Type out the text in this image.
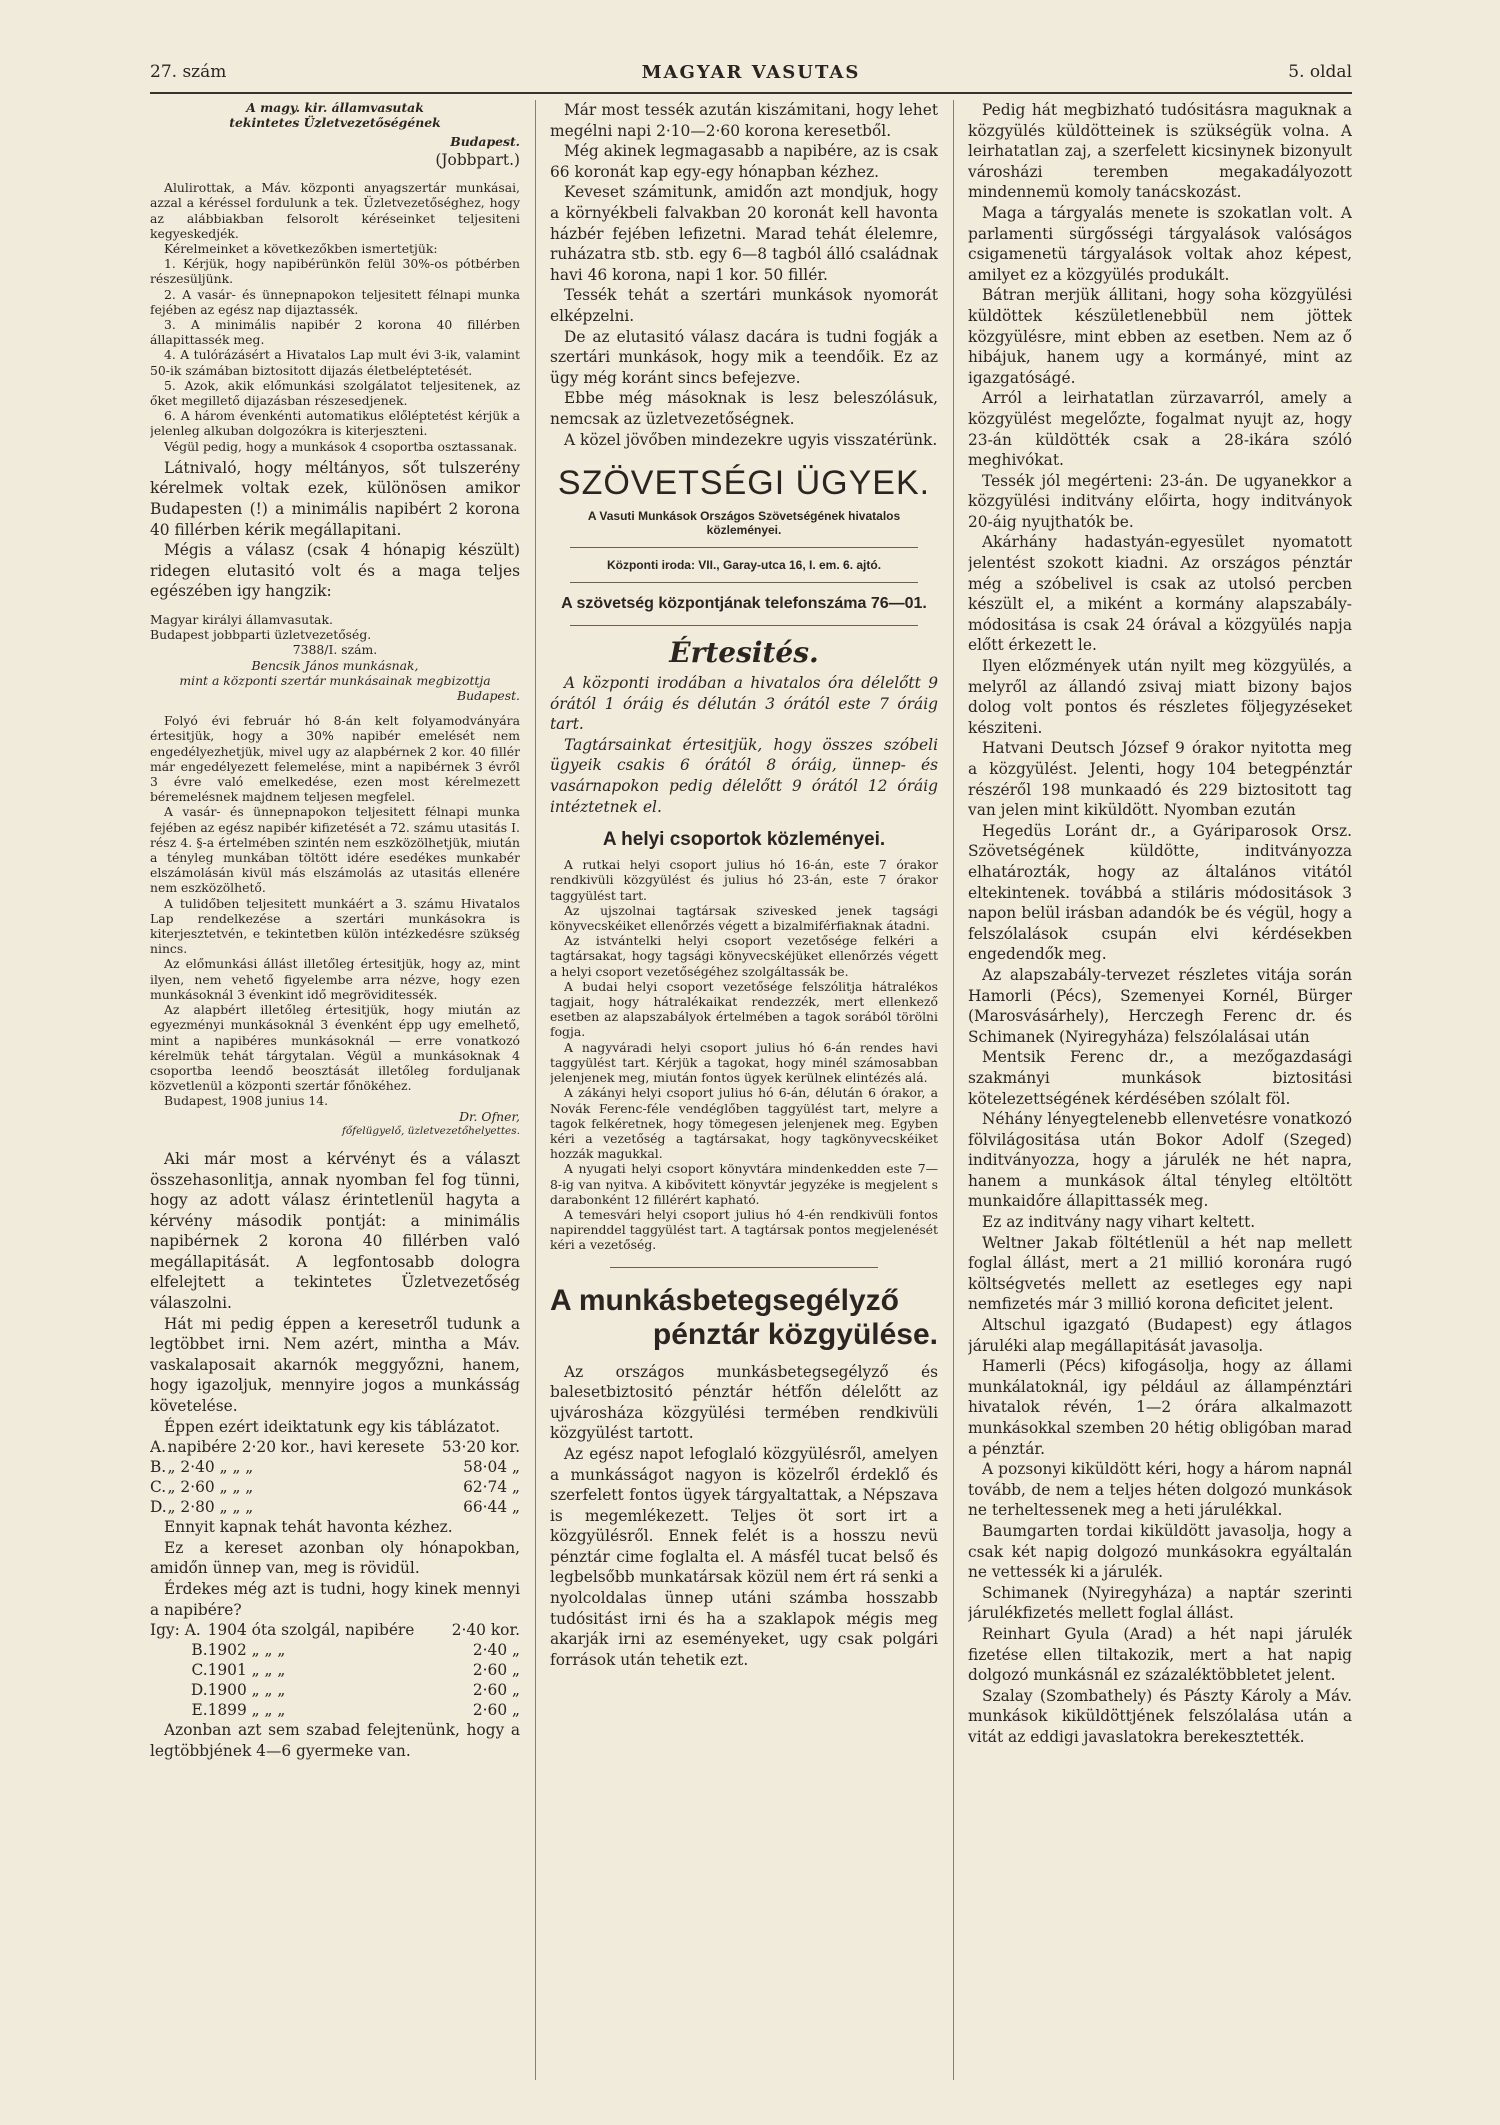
27. szám	MAGYAR VASUTAS	5. oldal

A magy. kir. államvasutak

tekintetes Üzletvezetőségének

Budapest.

(Jobbpart.)

Alulirottak, a Máv. központi anyagszertár munkásai, azzal a kéréssel fordulunk a tek. Üzletvezetőséghez, hogy az alábbiakban felsorolt kéréseinket teljesiteni kegyeskedjék.

Kérelmeinket a következőkben ismertetjük:

1. Kérjük, hogy napibérünkön felül 30%-os pótbérben részesüljünk.

2. A vasár- és ünnepnapokon teljesitett félnapi munka fejében az egész nap dijaztassék.

3. A minimális napibér 2 korona 40 fillérben állapittassék meg.

4. A tulórázásért a Hivatalos Lap mult évi 3-ik, valamint 50-ik számában biztositott dijazás életbeléptetését.

5. Azok, akik előmunkási szolgálatot teljesitenek, az őket megillető dijazásban részesedjenek.

6. A három évenkénti automatikus előléptetést kérjük a jelenleg alkuban dolgozókra is kiterjeszteni.

Végül pedig, hogy a munkások 4 csoportba osztassanak.

Látnivaló, hogy méltányos, sőt tulszerény kérelmek voltak ezek, különösen amikor Budapesten (!) a minimális napibért 2 korona 40 fillérben kérik megállapitani.

Mégis a válasz (csak 4 hónapig készült) ridegen elutasitó volt és a maga teljes egészében igy hangzik:

Magyar királyi államvasutak.

Budapest jobbparti üzletvezetőség.

7388/I. szám.

Bencsik János munkásnak,

mint a központi szertár munkásainak megbizottja

Budapest.

Folyó évi február hó 8-án kelt folyamodványára értesitjük, hogy a 30% napibér emelését nem engedélyezhetjük, mivel ugy az alapbérnek 2 kor. 40 fillér már engedélyezett felemelése, mint a napibérnek 3 évről 3 évre való emelkedése, ezen most kérelmezett béremelésnek majdnem teljesen megfelel.

A vasár- és ünnepnapokon teljesitett félnapi munka fejében az egész napibér kifizetését a 72. számu utasitás I. rész 4. §-a értelmében szintén nem eszközölhetjük, miután a tényleg munkában töltött idére esedékes munkabér elszámolásán kivül más elszámolás az utasitás ellenére nem eszközölhető.

A tulidőben teljesitett munkáért a 3. számu Hivatalos Lap rendelkezése a szertári munkásokra is kiterjesztetvén, e tekintetben külön intézkedésre szükség nincs.

Az előmunkási állást illetőleg értesitjük, hogy az, mint ilyen, nem vehető figyelembe arra nézve, hogy ezen munkásoknál 3 évenkint idő megröviditessék.

Az alapbért illetőleg értesitjük, hogy miután az egyezményi munkásoknál 3 évenként épp ugy emelhető, mint a napibéres munkásoknál — erre vonatkozó kérelmük tehát tárgytalan. Végül a munkásoknak 4 csoportba leendő beosztását illetőleg forduljanak közvetlenül a központi szertár főnökéhez.

Budapest, 1908 junius 14.

Dr. Ofner,

főfelügyelő, üzletvezetőhelyettes.

Aki már most a kérvényt és a választ összehasonlitja, annak nyomban fel fog tünni, hogy az adott válasz érintetlenül hagyta a kérvény második pontját: a minimális napibérnek 2 korona 40 fillérben való megállapitását. A legfontosabb dologra elfelejtett a tekintetes Üzletvezetőség válaszolni.

Hát mi pedig éppen a keresetről tudunk a legtöbbet irni. Nem azért, mintha a Máv. vaskalaposait akarnók meggyőzni, hanem, hogy igazoljuk, mennyire jogos a munkásság követelése.

Éppen ezért ideiktatunk egy kis táblázatot.

A.	napibére 2·20 kor., havi keresete	53·20 kor.
B.	„ 2·40 „ „ „	58·04 „
C.	„ 2·60 „ „ „	62·74 „
D.	„ 2·80 „ „ „	66·44 „

Ennyit kapnak tehát havonta kézhez.

Ez a kereset azonban oly hónapokban, amidőn ünnep van, meg is rövidül.

Érdekes még azt is tudni, hogy kinek mennyi a napibére?

Igy: A.	1904 óta szolgál, napibére	2·40 kor.
B.	1902 „ „ „	2·40 „
C.	1901 „ „ „	2·60 „
D.	1900 „ „ „	2·60 „
E.	1899 „ „ „	2·60 „

Azonban azt sem szabad felejtenünk, hogy a legtöbbjének 4—6 gyermeke van.

Már most tessék azután kiszámitani, hogy lehet megélni napi 2·10—2·60 korona keresetből.

Még akinek legmagasabb a napibére, az is csak 66 koronát kap egy-egy hónapban kézhez.

Keveset számitunk, amidőn azt mondjuk, hogy a környékbeli falvakban 20 koronát kell havonta házbér fejében lefizetni. Marad tehát élelemre, ruházatra stb. stb. egy 6—8 tagból álló családnak havi 46 korona, napi 1 kor. 50 fillér.

Tessék tehát a szertári munkások nyomorát elképzelni.

De az elutasitó válasz dacára is tudni fogják a szertári munkások, hogy mik a teendőik. Ez az ügy még koránt sincs befejezve.

Ebbe még másoknak is lesz beleszólásuk, nemcsak az üzletvezetőségnek.

A közel jövőben mindezekre ugyis visszatérünk.

SZÖVETSÉGI ÜGYEK.

A Vasuti Munkások Országos Szövetségének hivatalos közleményei.

Központi iroda: VII., Garay-utca 16, I. em. 6. ajtó.

A szövetség központjának telefonszáma 76—01.

Értesités.

A központi irodában a hivatalos óra délelőtt 9 órától 1 óráig és délután 3 órától este 7 óráig tart.

Tagtársainkat értesitjük, hogy összes szóbeli ügyeik csakis 6 órától 8 óráig, ünnep- és vasárnapokon pedig délelőtt 9 órától 12 óráig intéztetnek el.

A helyi csoportok közleményei.

A rutkai helyi csoport julius hó 16-án, este 7 órakor rendkivüli közgyülést és julius hó 23-án, este 7 órakor taggyülést tart.

Az ujszolnai tagtársak szivesked jenek tagsági könyvecskéiket ellenőrzés végett a bizalmiférfiaknak átadni.

Az istvántelki helyi csoport vezetősége felkéri a tagtársakat, hogy tagsági könyvecskéjüket ellenőrzés végett a helyi csoport vezetőségéhez szolgáltassák be.

A budai helyi csoport vezetősége felszólitja hátralékos tagjait, hogy hátralékaikat rendezzék, mert ellenkező esetben az alapszabályok értelmében a tagok sorából törölni fogja.

A nagyváradi helyi csoport julius hó 6-án rendes havi taggyülést tart. Kérjük a tagokat, hogy minél számosabban jelenjenek meg, miután fontos ügyek kerülnek elintézés alá.

A zákányi helyi csoport julius hó 6-án, délután 6 órakor, a Novák Ferenc-féle vendéglőben taggyülést tart, melyre a tagok felkéretnek, hogy tömegesen jelenjenek meg. Egyben kéri a vezetőség a tagtársakat, hogy tagkönyvecskéiket hozzák magukkal.

A nyugati helyi csoport könyvtára mindenkedden este 7—8-ig van nyitva. A kibővitett könyvtár jegyzéke is megjelent s darabonként 12 fillérért kapható.

A temesvári helyi csoport julius hó 4-én rendkivüli fontos napirenddel taggyülést tart. A tagtársak pontos megjelenését kéri a vezetőség.

A munkásbetegsegélyző
pénztár közgyülése.

Az országos munkásbetegsegélyző és balesetbiztositó pénztár hétfőn délelőtt az ujvárosháza közgyülési termében rendkivüli közgyülést tartott.

Az egész napot lefoglaló közgyülésről, amelyen a munkásságot nagyon is közelről érdeklő és szerfelett fontos ügyek tárgyaltattak, a Népszava is megemlékezett. Teljes öt sort irt a közgyülésről. Ennek felét is a hosszu nevü pénztár cime foglalta el. A másfél tucat belső és legbelsőbb munkatársak közül nem ért rá senki a nyolcoldalas ünnep utáni számba hosszabb tudósitást irni és ha a szaklapok mégis meg akarják irni az eseményeket, ugy csak polgári források után tehetik ezt.

Pedig hát megbizható tudósitásra maguknak a közgyülés küldötteinek is szükségük volna. A leirhatatlan zaj, a szerfelett kicsinynek bizonyult városházi teremben megakadályozott mindennemü komoly tanácskozást.

Maga a tárgyalás menete is szokatlan volt. A parlamenti sürgősségi tárgyalások valóságos csigamenetü tárgyalások voltak ahoz képest, amilyet ez a közgyülés produkált.

Bátran merjük állitani, hogy soha közgyülési küldöttek készületlenebbül nem jöttek közgyülésre, mint ebben az esetben. Nem az ő hibájuk, hanem ugy a kormányé, mint az igazgatóságé.

Arról a leirhatatlan zürzavarról, amely a közgyülést megelőzte, fogalmat nyujt az, hogy 23-án küldötték csak a 28-ikára szóló meghivókat.

Tessék jól megérteni: 23-án. De ugyanekkor a közgyülési inditvány előirta, hogy inditványok 20-áig nyujthatók be.

Akárhány hadastyán-egyesület nyomatott jelentést szokott kiadni. Az országos pénztár még a szóbelivel is csak az utolsó percben készült el, a miként a kormány alapszabály-módositása is csak 24 órával a közgyülés napja előtt érkezett le.

Ilyen előzmények után nyilt meg közgyülés, a melyről az állandó zsivaj miatt bizony bajos dolog volt pontos és részletes följegyzéseket késziteni.

Hatvani Deutsch József 9 órakor nyitotta meg a közgyülést. Jelenti, hogy 104 betegpénztár részéről 198 munkaadó és 229 biztositott tag van jelen mint kiküldött. Nyomban ezután

Hegedüs Loránt dr., a Gyáriparosok Orsz. Szövetségének küldötte, inditványozza elhatározták, hogy az általános vitától eltekintenek. továbbá a stiláris módositások 3 napon belül irásban adandók be és végül, hogy a felszólalások csupán elvi kérdésekben engedendők meg.

Az alapszabály-tervezet részletes vitája során Hamorli (Pécs), Szemenyei Kornél, Bürger (Marosvásárhely), Herczegh Ferenc dr. és Schimanek (Nyiregyháza) felszólalásai után

Mentsik Ferenc dr., a mezőgazdasági szakmányi munkások biztositási kötelezettségének kérdésében szólalt föl.

Néhány lényegtelenebb ellenvetésre vonatkozó fölvilágositása után Bokor Adolf (Szeged) inditványozza, hogy a járulék ne hét napra, hanem a munkások által tényleg eltöltött munkaidőre állapittassék meg.

Ez az inditvány nagy vihart keltett.

Weltner Jakab föltétlenül a hét nap mellett foglal állást, mert a 21 millió koronára rugó költségvetés mellett az esetleges egy napi nemfizetés már 3 millió korona deficitet jelent.

Altschul igazgató (Budapest) egy átlagos járuléki alap megállapitását javasolja.

Hamerli (Pécs) kifogásolja, hogy az állami munkálatoknál, igy például az állampénztári hivatalok révén, 1—2 órára alkalmazott munkásokkal szemben 20 hétig obligóban marad a pénztár.

A pozsonyi kiküldött kéri, hogy a három napnál tovább, de nem a teljes héten dolgozó munkások ne terheltessenek meg a heti járulékkal.

Baumgarten tordai kiküldött javasolja, hogy a csak két napig dolgozó munkásokra egyáltalán ne vettessék ki a járulék.

Schimanek (Nyiregyháza) a naptár szerinti járulékfizetés mellett foglal állást.

Reinhart Gyula (Arad) a hét napi járulék fizetése ellen tiltakozik, mert a hat napig dolgozó munkásnál ez százaléktöbbletet jelent.

Szalay (Szombathely) és Pászty Károly a Máv. munkások kiküldöttjének felszólalása után a vitát az eddigi javaslatokra berekesztették.
